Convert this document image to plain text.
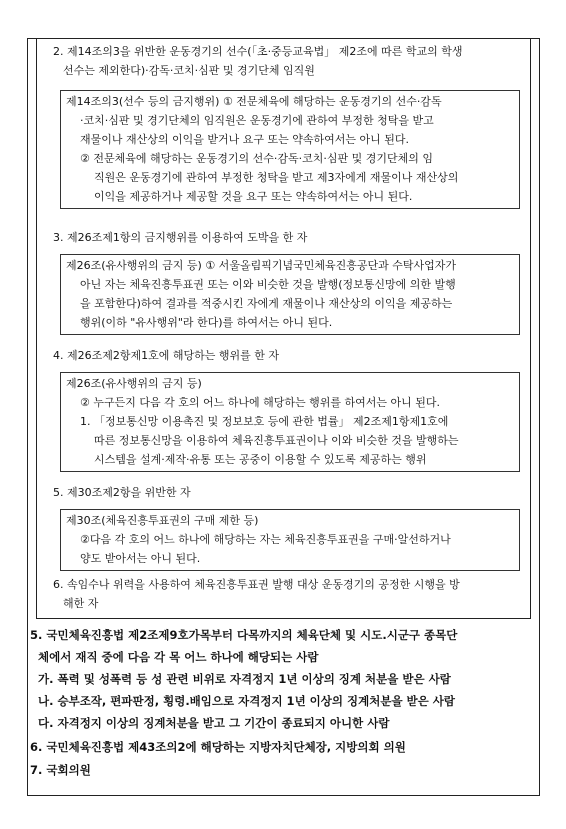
2. 제14조의3을 위반한 운동경기의 선수(「초·중등교육법」 제2조에 따른 학교의 학생
선수는 제외한다)·감독·코치·심판 및 경기단체 임직원
제14조의3(선수 등의 금지행위) ① 전문체육에 해당하는 운동경기의 선수·감독
·코치·심판 및 경기단체의 임직원은 운동경기에 관하여 부정한 청탁을 받고
재물이나 재산상의 이익을 받거나 요구 또는 약속하여서는 아니 된다.
② 전문체육에 해당하는 운동경기의 선수·감독·코치·심판 및 경기단체의 임
직원은 운동경기에 관하여 부정한 청탁을 받고 제3자에게 재물이나 재산상의
이익을 제공하거나 제공할 것을 요구 또는 약속하여서는 아니 된다.
3. 제26조제1항의 금지행위를 이용하여 도박을 한 자
제26조(유사행위의 금지 등) ① 서울올림픽기념국민체육진흥공단과 수탁사업자가
아닌 자는 체육진흥투표권 또는 이와 비슷한 것을 발행(정보통신망에 의한 발행
을 포함한다)하여 결과를 적중시킨 자에게 재물이나 재산상의 이익을 제공하는
행위(이하 "유사행위"라 한다)를 하여서는 아니 된다.
4. 제26조제2항제1호에 해당하는 행위를 한 자
제26조(유사행위의 금지 등)
② 누구든지 다음 각 호의 어느 하나에 해당하는 행위를 하여서는 아니 된다.
1. 「정보통신망 이용촉진 및 정보보호 등에 관한 법률」 제2조제1항제1호에
따른 정보통신망을 이용하여 체육진흥투표권이나 이와 비슷한 것을 발행하는
시스템을 설계·제작·유통 또는 공중이 이용할 수 있도록 제공하는 행위
5. 제30조제2항을 위반한 자
제30조(체육진흥투표권의 구매 제한 등)
②다음 각 호의 어느 하나에 해당하는 자는 체육진흥투표권을 구매·알선하거나
양도 받아서는 아니 된다.
6. 속임수나 위력을 사용하여 체육진흥투표권 발행 대상 운동경기의 공정한 시행을 방
해한 자
5. 국민체육진흥법 제2조제9호가목부터 다목까지의 체육단체 및 시도.시군구 종목단
체에서 재직 중에 다음 각 목 어느 하나에 해당되는 사람
가. 폭력 및 성폭력 등 성 관련 비위로 자격정지 1년 이상의 징계 처분을 받은 사람
나. 승부조작, 편파판정, 횡령.배임으로 자격정지 1년 이상의 징계처분을 받은 사람
다. 자격정지 이상의 징계처분을 받고 그 기간이 종료되지 아니한 사람
6. 국민체육진흥법 제43조의2에 해당하는 지방자치단체장, 지방의회 의원
7. 국회의원
